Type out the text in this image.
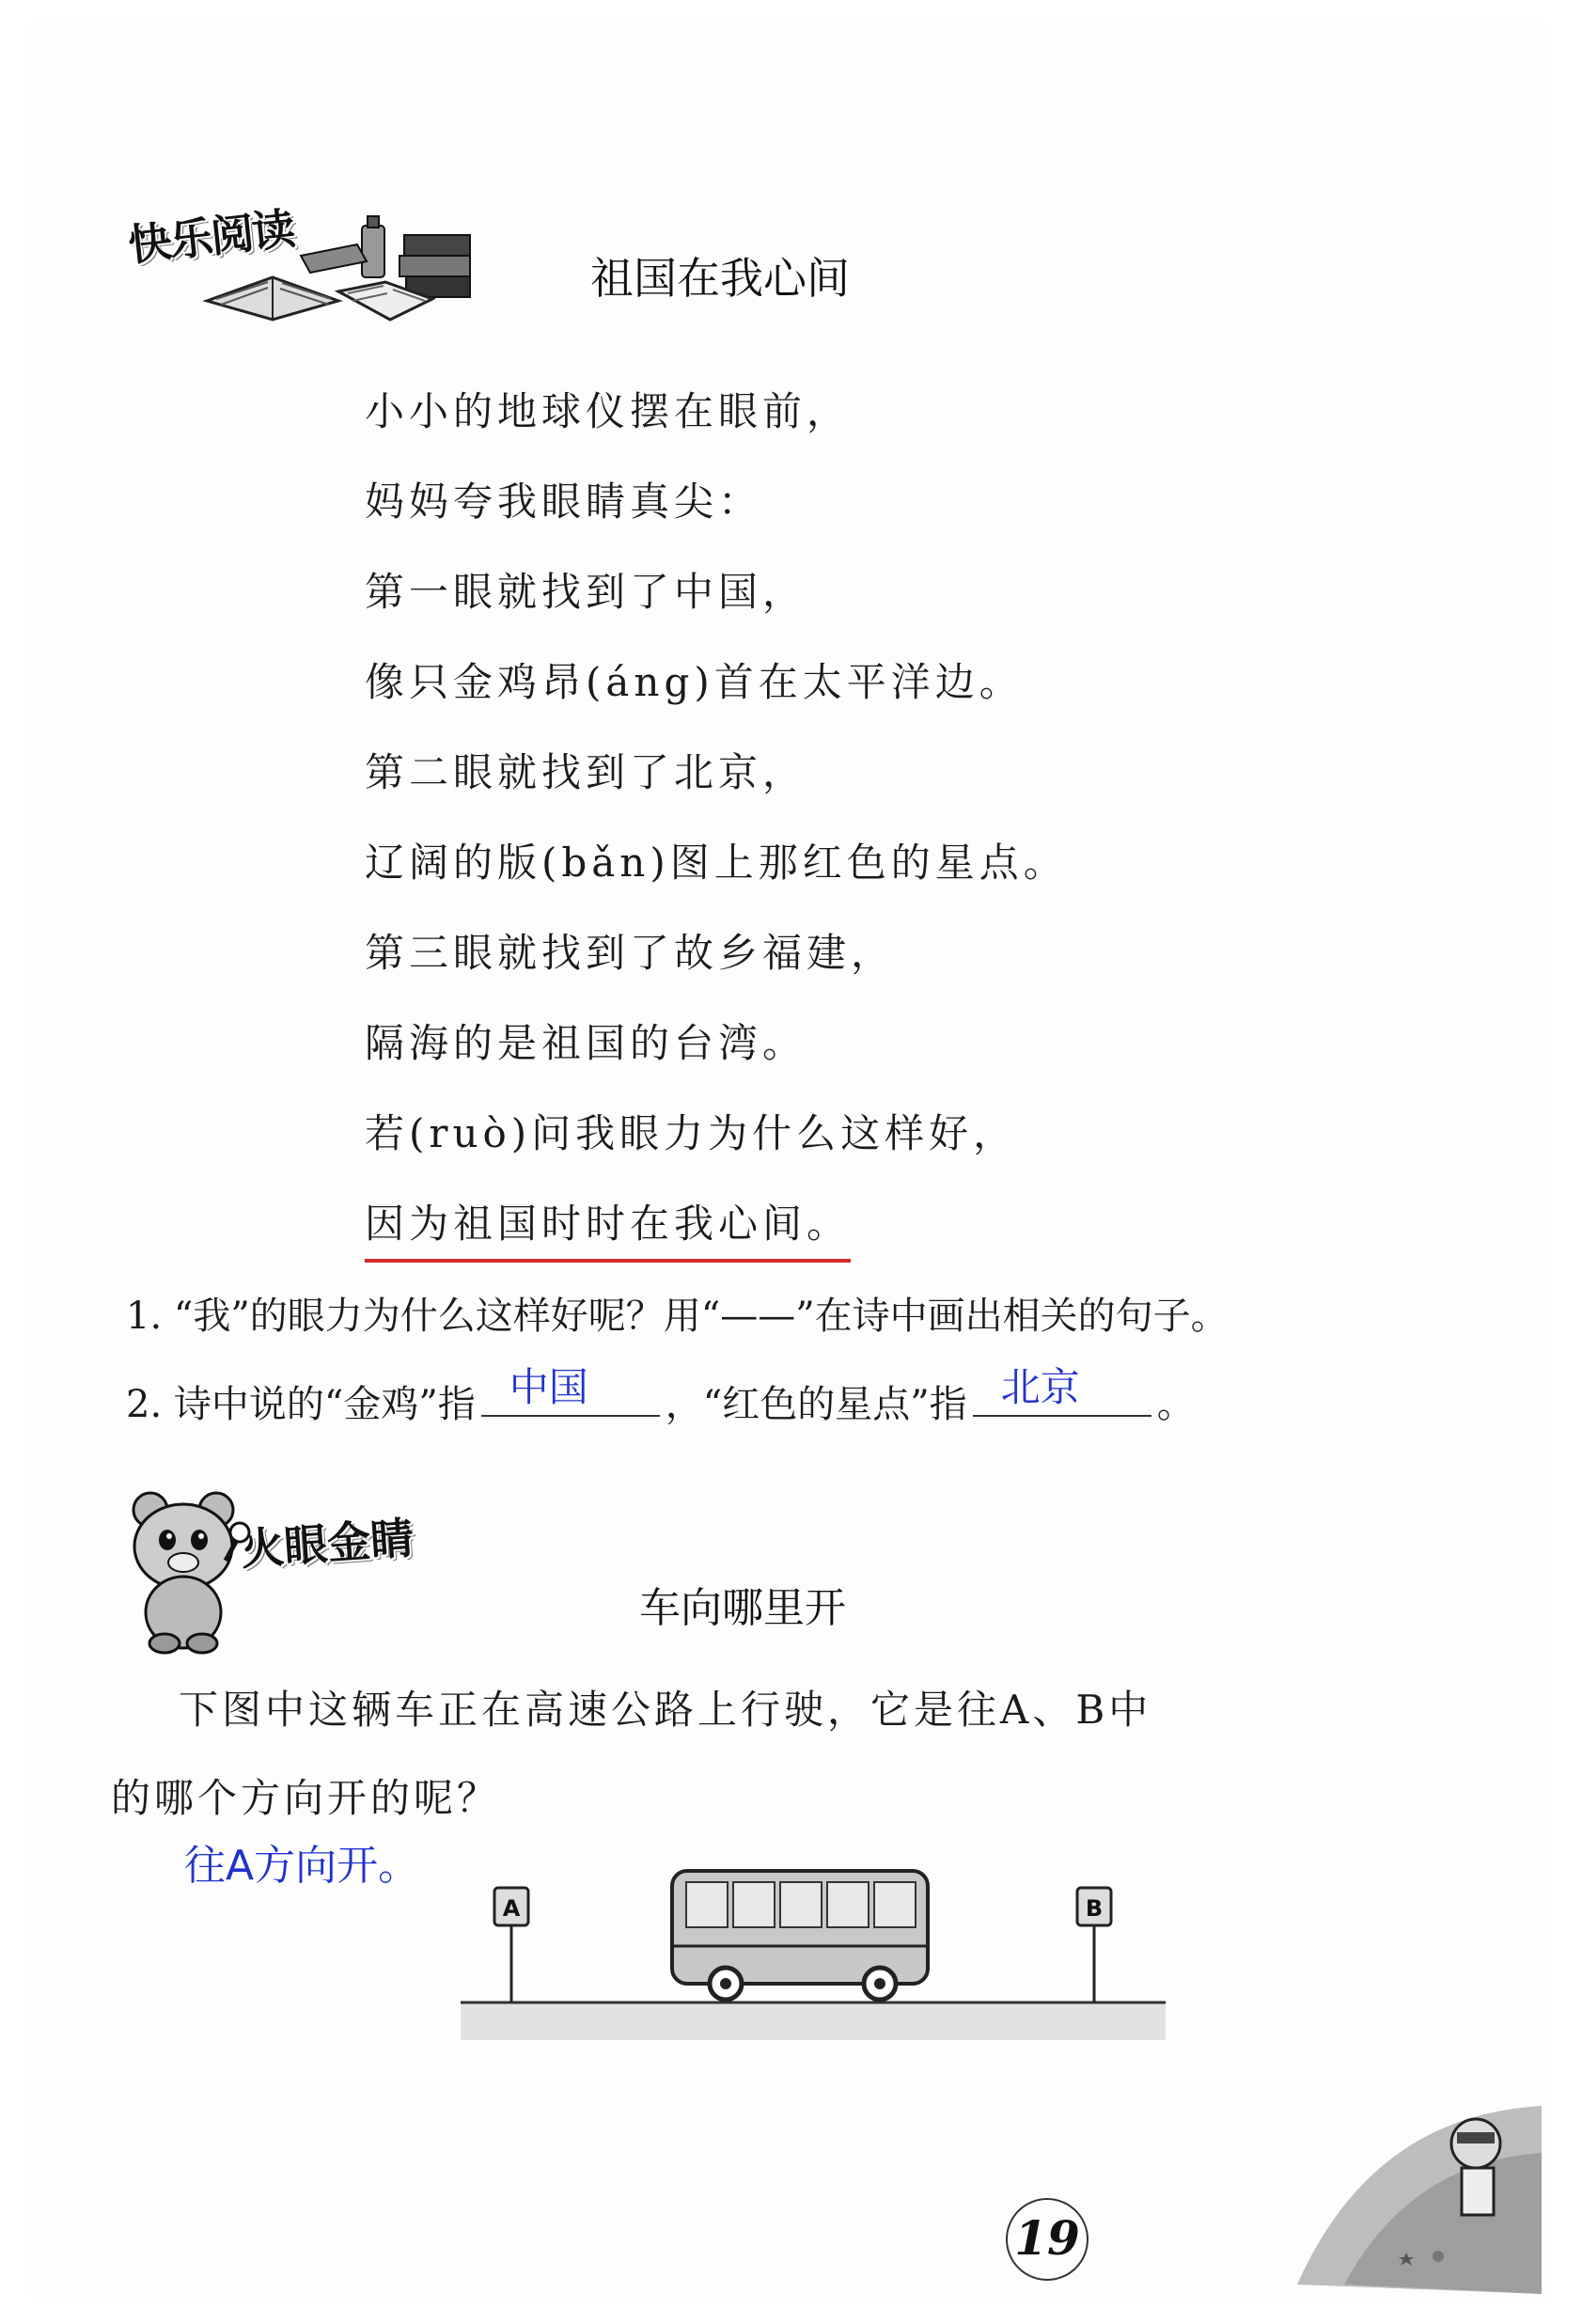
快乐阅读
祖国在我心间
小小的地球仪摆在眼前，
妈妈夸我眼睛真尖：
第一眼就找到了中国，
像只金鸡昂(áng)首在太平洋边。
第二眼就找到了北京，
辽阔的版(bǎn)图上那红色的星点。
第三眼就找到了故乡福建，
隔海的是祖国的台湾。
若(ruò)问我眼力为什么这样好，
因为祖国时时在我心间。
1. “我”的眼力为什么这样好呢？用“——”在诗中画出相关的句子。
2. 诗中说的“金鸡”指 中国 ，“红色的星点”指 北京 。
火眼金睛
车向哪里开
下图中这辆车正在高速公路上行驶，它是往A、B中
的哪个方向开的呢？
往A方向开。
A	B
19
